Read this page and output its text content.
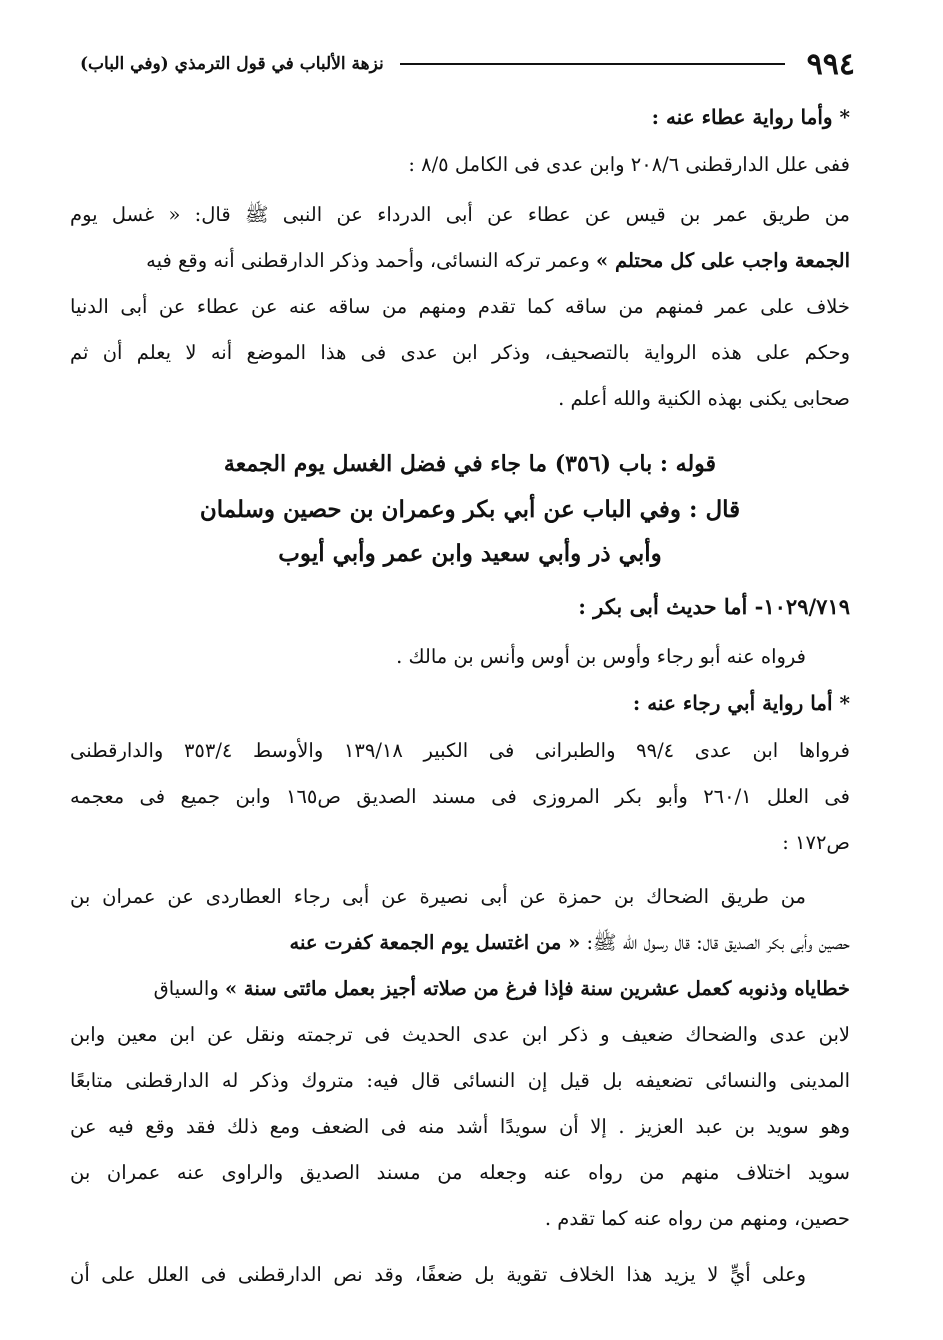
٩٩٤
نزهة الألباب في قول الترمذي (وفي الباب)
* وأما رواية عطاء عنه :
ففى علل الدارقطنى ٢٠٨/٦ وابن عدى فى الكامل ٨/٥ :
من طريق عمر بن قيس عن عطاء عن أبى الدرداء عن النبى ﷺ قال: « غسل يوم
الجمعة واجب على كل محتلم » وعمر تركه النسائى، وأحمد وذكر الدارقطنى أنه وقع فيه
خلاف على عمر فمنهم من ساقه كما تقدم ومنهم من ساقه عنه عن عطاء عن أبى الدنيا
وحكم على هذه الرواية بالتصحيف، وذكر ابن عدى فى هذا الموضع أنه لا يعلم أن ثم
صحابى يكنى بهذه الكنية والله أعلم .
قوله : باب (٣٥٦) ما جاء في فضل الغسل يوم الجمعة
قال : وفي الباب عن أبي بكر وعمران بن حصين وسلمان
وأبي ذر وأبي سعيد وابن عمر وأبي أيوب
١٠٢٩/٧١٩- أما حديث أبى بكر :
فرواه عنه أبو رجاء وأوس بن أوس وأنس بن مالك .
* أما رواية أبي رجاء عنه :
فرواها ابن عدى ٩٩/٤ والطبرانى فى الكبير ١٣٩/١٨ والأوسط ٣٥٣/٤ والدارقطنى
فى العلل ٢٦٠/١ وأبو بكر المروزى فى مسند الصديق ص١٦٥ وابن جميع فى معجمه
ص١٧٢ :
من طريق الضحاك بن حمزة عن أبى نصيرة عن أبى رجاء العطاردى عن عمران بن
حصين وأبى بكر الصديق قال: قال رسول الله ﷺ: « من اغتسل يوم الجمعة كفرت عنه
خطاياه وذنوبه كعمل عشرين سنة فإذا فرغ من صلاته أجيز بعمل مائتى سنة » والسياق
لابن عدى والضحاك ضعيف و ذكر ابن عدى الحديث فى ترجمته ونقل عن ابن معين وابن
المدينى والنسائى تضعيفه بل قيل إن النسائى قال فيه: متروك وذكر له الدارقطنى متابعًا
وهو سويد بن عبد العزيز . إلا أن سويدًا أشد منه فى الضعف ومع ذلك فقد وقع فيه عن
سويد اختلاف منهم من رواه عنه وجعله من مسند الصديق والراوى عنه عمران بن
حصين، ومنهم من رواه عنه كما تقدم .
وعلى أيٍّ لا يزيد هذا الخلاف تقوية بل ضعفًا، وقد نص الدارقطنى فى العلل على أن
